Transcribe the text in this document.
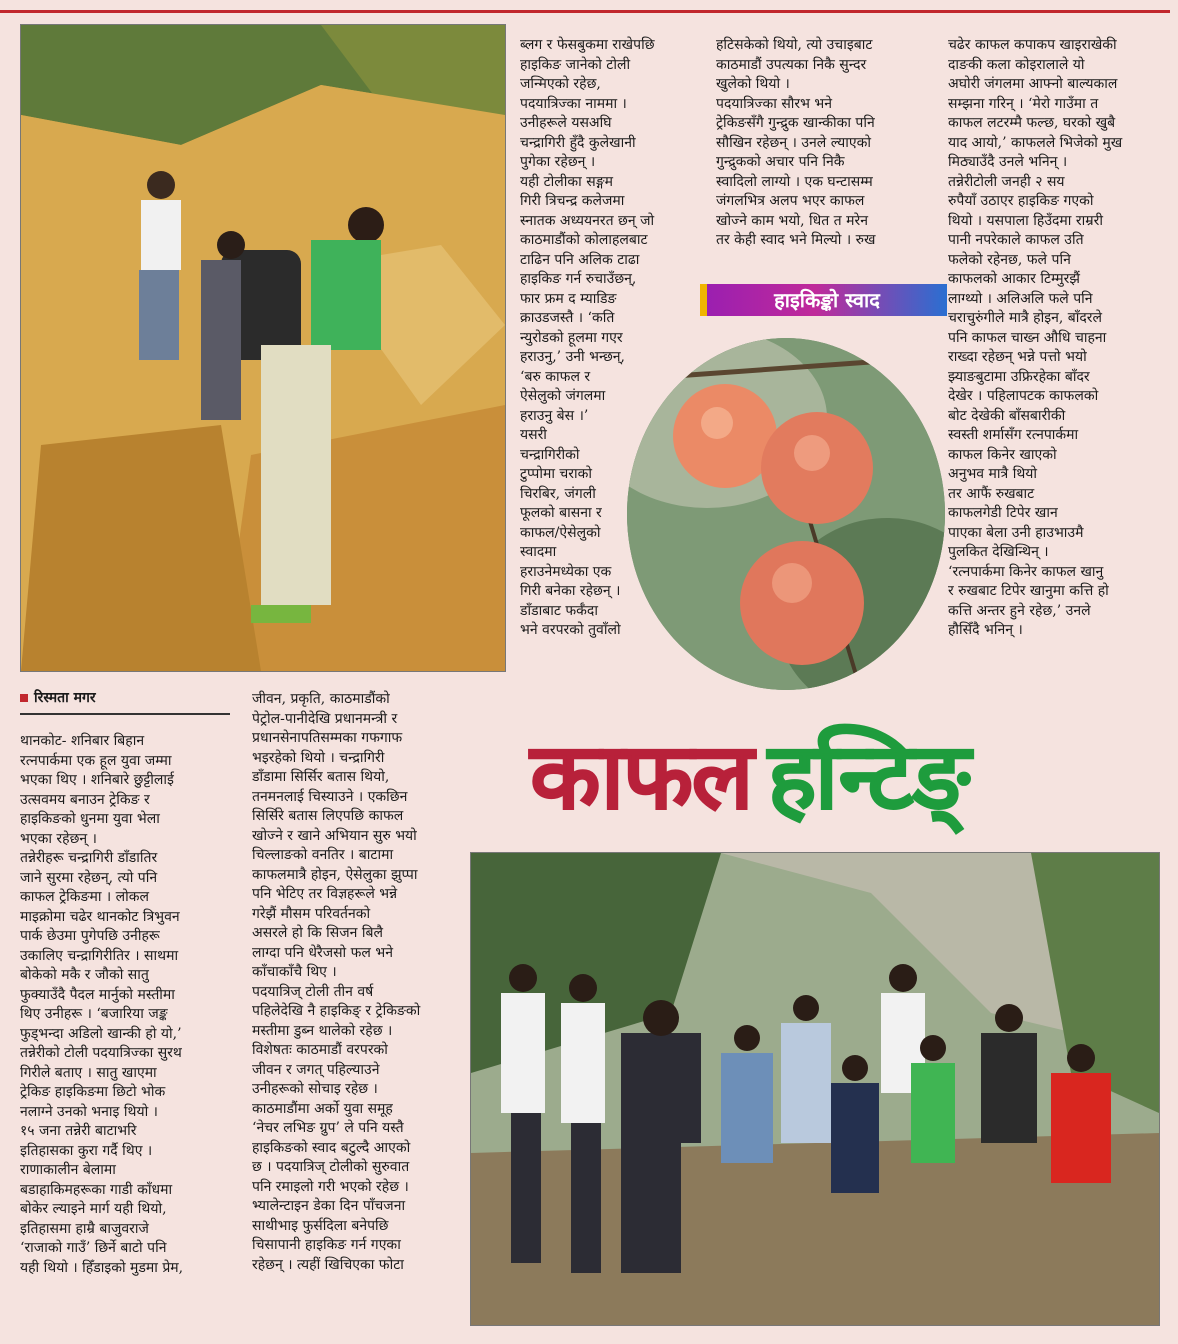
ब्लग र फेसबुकमा राखेपछि
हाइकिङ जानेको टोली
जन्मिएको रहेछ,
पदयात्रिज्का नाममा ।
उनीहरूले यसअघि
चन्द्रागिरी हुँदै कुलेखानी
पुगेका रहेछन् ।
यही टोलीका सङ्गम
गिरी त्रिचन्द्र कलेजमा
स्नातक अध्ययनरत छन् जो
काठमाडौंको कोलाहलबाट
टाढिन पनि अलिक टाढा
हाइकिङ गर्न रुचाउँछन्,
फार फ्रम द म्याडिङ
क्राउडजस्तै । ‘कति
न्युरोडको हूलमा गएर
हराउनु,’ उनी भन्छन्,
‘बरु काफल र
ऐसेलुको जंगलमा
हराउनु बेस ।’
यसरी
चन्द्रागिरीको
टुप्पोमा चराको
चिरबिर, जंगली
फूलको बासना र
काफल/ऐसेलुको
स्वादमा
हराउनेमध्येका एक
गिरी बनेका रहेछन् ।
डाँडाबाट फर्कँदा
भने वरपरको तुवाँलो
हटिसकेको थियो, त्यो उचाइबाट
काठमाडौं उपत्यका निकै सुन्दर
खुलेको थियो ।
पदयात्रिज्का सौरभ भने
ट्रेकिङसँगै गुन्द्रुक खान्कीका पनि
सौखिन रहेछन् । उनले ल्याएको
गुन्द्रुकको अचार पनि निकै
स्वादिलो लाग्यो । एक घन्टासम्म
जंगलभित्र अलप भएर काफल
खोज्ने काम भयो, धित त मरेन
तर केही स्वाद भने मिल्यो । रुख
हाइकिङ्को स्वाद
चढेर काफल कपाकप खाइराखेकी
दाङकी कला कोइरालाले यो
अघोरी जंगलमा आफ्नो बाल्यकाल
सम्झना गरिन् । ‘मेरो गाउँमा त
काफल लटरम्मै फल्छ, घरको खुबै
याद आयो,’ काफलले भिजेको मुख
मिठ्याउँदै उनले भनिन् ।
तन्नेरीटोली जनही २ सय
रुपैयाँ उठाएर हाइकिङ गएको
थियो । यसपाला हिउँदमा राम्ररी
पानी नपरेकाले काफल उति
फलेको रहेनछ, फले पनि
काफलको आकार टिम्मुरझैं
लाग्थ्यो । अलिअलि फले पनि
चराचुरुंगीले मात्रै होइन, बाँदरले
पनि काफल चाख्न औधि चाहना
राख्दा रहेछन् भन्ने पत्तो भयो
झ्याङबुटामा उफ्रिरहेका बाँदर
देखेर । पहिलापटक काफलको
बोट देखेकी बाँसबारीकी
स्वस्ती शर्मासँग रत्नपार्कमा
काफल किनेर खाएको
अनुभव मात्रै थियो
तर आफैं रुखबाट
काफलगेडी टिपेर खान
पाएका बेला उनी हाउभाउमै
पुलकित देखिन्थिन् ।
‘रत्नपार्कमा किनेर काफल खानु
र रुखबाट टिपेर खानुमा कत्ति हो
कत्ति अन्तर हुने रहेछ,’ उनले
हौसिँदै भनिन् ।
रिस्मता मगर
थानकोट- शनिबार बिहान
रत्नपार्कमा एक हूल युवा जम्मा
भएका थिए । शनिबारे छुट्टीलाई
उत्सवमय बनाउन ट्रेकिङ र
हाइकिङको धुनमा युवा भेला
भएका रहेछन् ।
तन्नेरीहरू चन्द्रागिरी डाँडातिर
जाने सुरमा रहेछन्, त्यो पनि
काफल ट्रेकिङमा । लोकल
माइक्रोमा चढेर थानकोट त्रिभुवन
पार्क छेउमा पुगेपछि उनीहरू
उकालिए चन्द्रागिरीतिर । साथमा
बोकेको मकै र जौको सातु
फुक्याउँदै पैदल मार्नुको मस्तीमा
थिए उनीहरू । ‘बजारिया जङ्क
फुड्भन्दा अडिलो खान्की हो यो,’
तन्नेरीको टोली पदयात्रिज्का सुरथ
गिरीले बताए । सातु खाएमा
ट्रेकिङ हाइकिङमा छिटो भोक
नलाग्ने उनको भनाइ थियो ।
१५ जना तन्नेरी बाटाभरि
इतिहासका कुरा गर्दै थिए ।
राणाकालीन बेलामा
बडाहाकिमहरूका गाडी काँधमा
बोकेर ल्याइने मार्ग यही थियो,
इतिहासमा हाम्रै बाजुवराजे
‘राजाको गाउँ’ छिर्ने बाटो पनि
यही थियो । हिँडाइको मुडमा प्रेम,
जीवन, प्रकृति, काठमाडौंको
पेट्रोल-पानीदेखि प्रधानमन्त्री र
प्रधानसेनापतिसम्मका गफगाफ
भइरहेको थियो । चन्द्रागिरी
डाँडामा सिर्सिर बतास थियो,
तनमनलाई चिस्याउने । एकछिन
सिर्सिरे बतास लिएपछि काफल
खोज्ने र खाने अभियान सुरु भयो
चिल्लाङको वनतिर । बाटामा
काफलमात्रै होइन, ऐसेलुका झुप्पा
पनि भेटिए तर विज्ञहरूले भन्ने
गरेझैं मौसम परिवर्तनको
असरले हो कि सिजन बिलै
लाग्दा पनि धेरैजसो फल भने
काँचाकाँचै थिए ।
पदयात्रिज् टोली तीन वर्ष
पहिलेदेखि नै हाइकिङ् र ट्रेकिङको
मस्तीमा डुब्न थालेको रहेछ ।
विशेषतः काठमाडौं वरपरको
जीवन र जगत् पहिल्याउने
उनीहरूको सोचाइ रहेछ ।
काठमाडौंमा अर्को युवा समूह
‘नेचर लभिङ ग्रुप’ ले पनि यस्तै
हाइकिङको स्वाद बटुल्दै आएको
छ । पदयात्रिज् टोलीको सुरुवात
पनि रमाइलो गरी भएको रहेछ ।
भ्यालेन्टाइन डेका दिन पाँचजना
साथीभाइ फुर्सदिला बनेपछि
चिसापानी हाइकिङ गर्न गएका
रहेछन् । त्यहीं खिचिएका फोटा
काफल हन्टिङ्
